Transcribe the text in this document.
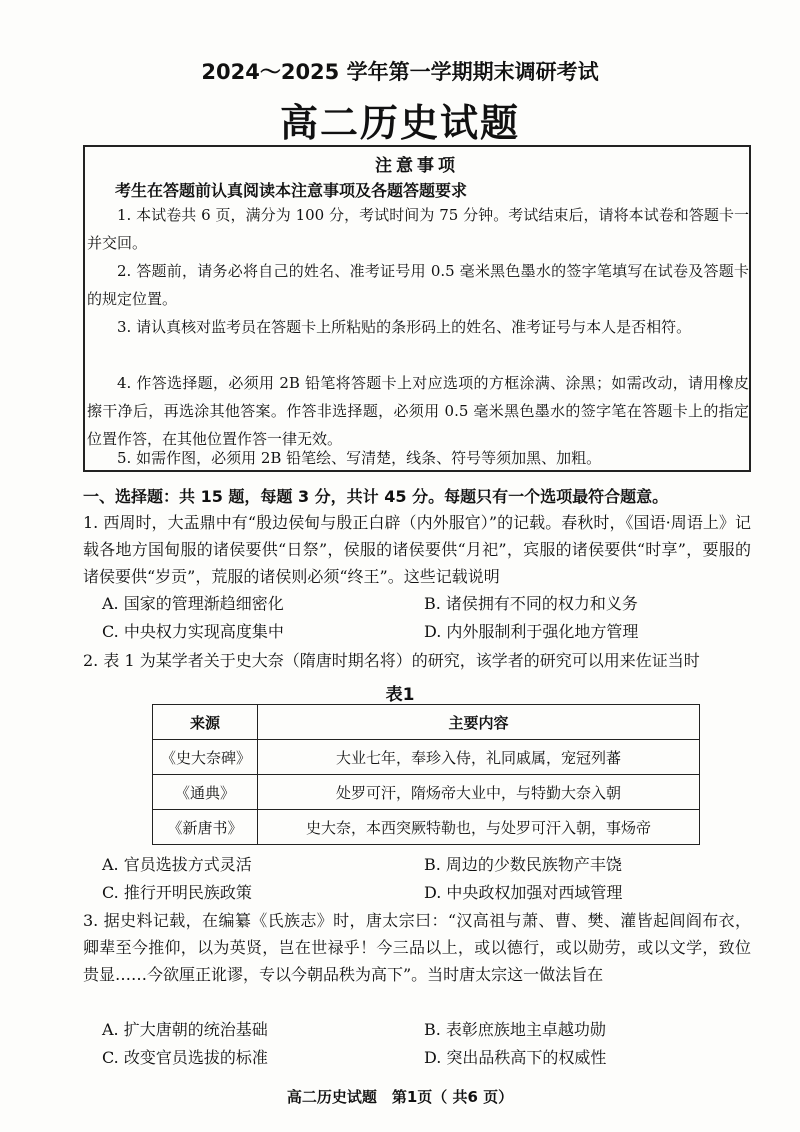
2024～2025 学年第一学期期末调研考试
高二历史试题
注意事项
考生在答题前认真阅读本注意事项及各题答题要求
1. 本试卷共 6 页，满分为 100 分，考试时间为 75 分钟。考试结束后，请将本试卷和答题卡一并交回。
2. 答题前，请务必将自己的姓名、准考证号用 0.5 毫米黑色墨水的签字笔填写在试卷及答题卡的规定位置。
3. 请认真核对监考员在答题卡上所粘贴的条形码上的姓名、准考证号与本人是否相符。
4. 作答选择题，必须用 2B 铅笔将答题卡上对应选项的方框涂满、涂黑；如需改动，请用橡皮擦干净后，再选涂其他答案。作答非选择题，必须用 0.5 毫米黑色墨水的签字笔在答题卡上的指定位置作答，在其他位置作答一律无效。
5. 如需作图，必须用 2B 铅笔绘、写清楚，线条、符号等须加黑、加粗。
一、选择题：共 15 题，每题 3 分，共计 45 分。每题只有一个选项最符合题意。
1. 西周时，大盂鼎中有“殷边侯甸与殷正白辟（内外服官）”的记载。春秋时，《国语·周语上》记载各地方国甸服的诸侯要供“日祭”，侯服的诸侯要供“月祀”，宾服的诸侯要供“时享”，要服的诸侯要供“岁贡”，荒服的诸侯则必须“终王”。这些记载说明
A. 国家的管理渐趋细密化	B. 诸侯拥有不同的权力和义务
C. 中央权力实现高度集中	D. 内外服制利于强化地方管理
2. 表 1 为某学者关于史大奈（隋唐时期名将）的研究，该学者的研究可以用来佐证当时
表1
来源	主要内容
《史大奈碑》	大业七年，奉珍入侍，礼同戚属，宠冠列蕃
《通典》	处罗可汗，隋炀帝大业中，与特勤大奈入朝
《新唐书》	史大奈，本西突厥特勒也，与处罗可汗入朝，事炀帝
A. 官员选拔方式灵活	B. 周边的少数民族物产丰饶
C. 推行开明民族政策	D. 中央政权加强对西域管理
3. 据史料记载，在编纂《氏族志》时，唐太宗曰：“汉高祖与萧、曹、樊、灌皆起闾阎布衣，卿辈至今推仰，以为英贤，岂在世禄乎！今三品以上，或以德行，或以勋劳，或以文学，致位贵显……今欲厘正讹谬，专以今朝品秩为高下”。当时唐太宗这一做法旨在
A. 扩大唐朝的统治基础	B. 表彰庶族地主卓越功勋
C. 改变官员选拔的标准	D. 突出品秩高下的权威性
高二历史试题　第1页（ 共6 页）
